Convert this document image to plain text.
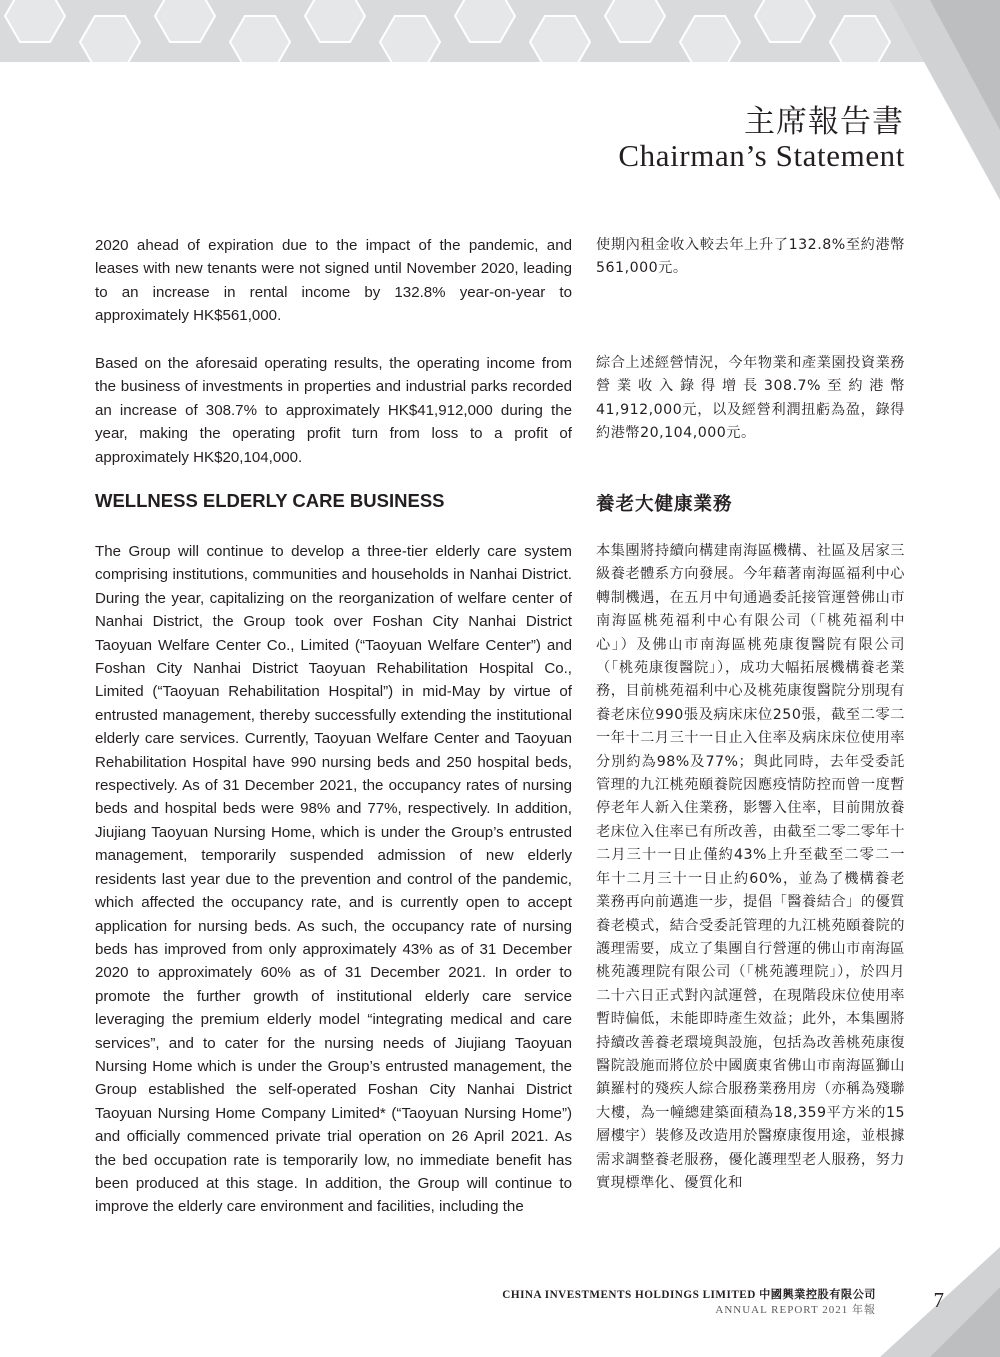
主席報告書
Chairman’s Statement

2020 ahead of expiration due to the impact of the pandemic, and leases with new tenants were not signed until November 2020, leading to an increase in rental income by 132.8% year-on-year to approximately HK$561,000.

使期內租金收入較去年上升了132.8%至約港幣561,000元。

Based on the aforesaid operating results, the operating income from the business of investments in properties and industrial parks recorded an increase of 308.7% to approximately HK$41,912,000 during the year, making the operating profit turn from loss to a profit of approximately HK$20,104,000.

綜合上述經營情況，今年物業和產業園投資業務營業收入錄得增長308.7%至約港幣41,912,000元，以及經營利潤扭虧為盈，錄得約港幣20,104,000元。

WELLNESS ELDERLY CARE BUSINESS	養老大健康業務

The Group will continue to develop a three-tier elderly care system comprising institutions, communities and households in Nanhai District. During the year, capitalizing on the reorganization of welfare center of Nanhai District, the Group took over Foshan City Nanhai District Taoyuan Welfare Center Co., Limited (“Taoyuan Welfare Center”) and Foshan City Nanhai District Taoyuan Rehabilitation Hospital Co., Limited (“Taoyuan Rehabilitation Hospital”) in mid-May by virtue of entrusted management, thereby successfully extending the institutional elderly care services. Currently, Taoyuan Welfare Center and Taoyuan Rehabilitation Hospital have 990 nursing beds and 250 hospital beds, respectively. As of 31 December 2021, the occupancy rates of nursing beds and hospital beds were 98% and 77%, respectively. In addition, Jiujiang Taoyuan Nursing Home, which is under the Group’s entrusted management, temporarily suspended admission of new elderly residents last year due to the prevention and control of the pandemic, which affected the occupancy rate, and is currently open to accept application for nursing beds. As such, the occupancy rate of nursing beds has improved from only approximately 43% as of 31 December 2020 to approximately 60% as of 31 December 2021. In order to promote the further growth of institutional elderly care service leveraging the premium elderly model “integrating medical and care services”, and to cater for the nursing needs of Jiujiang Taoyuan Nursing Home which is under the Group’s entrusted management, the Group established the self-operated Foshan City Nanhai District Taoyuan Nursing Home Company Limited* (“Taoyuan Nursing Home”) and officially commenced private trial operation on 26 April 2021. As the bed occupation rate is temporarily low, no immediate benefit has been produced at this stage. In addition, the Group will continue to improve the elderly care environment and facilities, including the

本集團將持續向構建南海區機構、社區及居家三級養老體系方向發展。今年藉著南海區福利中心轉制機遇，在五月中旬通過委託接管運營佛山市南海區桃苑福利中心有限公司（「桃苑福利中心」）及佛山市南海區桃苑康復醫院有限公司（「桃苑康復醫院」），成功大幅拓展機構養老業務，目前桃苑福利中心及桃苑康復醫院分別現有養老床位990張及病床床位250張，截至二零二一年十二月三十一日止入住率及病床床位使用率分別約為98%及77%；與此同時，去年受委託管理的九江桃苑頤養院因應疫情防控而曾一度暫停老年人新入住業務，影響入住率，目前開放養老床位入住率已有所改善，由截至二零二零年十二月三十一日止僅約43%上升至截至二零二一年十二月三十一日止約60%，並為了機構養老業務再向前邁進一步，提倡「醫養結合」的優質養老模式，結合受委託管理的九江桃苑頤養院的護理需要，成立了集團自行營運的佛山市南海區桃苑護理院有限公司（「桃苑護理院」），於四月二十六日正式對內試運營，在現階段床位使用率暫時偏低，未能即時產生效益；此外，本集團將持續改善養老環境與設施，包括為改善桃苑康復醫院設施而將位於中國廣東省佛山市南海區獅山鎮羅村的殘疾人綜合服務業務用房（亦稱為殘聯大樓，為一幢總建築面積為18,359平方米的15層樓宇）裝修及改造用於醫療康復用途，並根據需求調整養老服務，優化護理型老人服務，努力實現標準化、優質化和

CHINA INVESTMENTS HOLDINGS LIMITED 中國興業控股有限公司
ANNUAL REPORT 2021 年報	7
